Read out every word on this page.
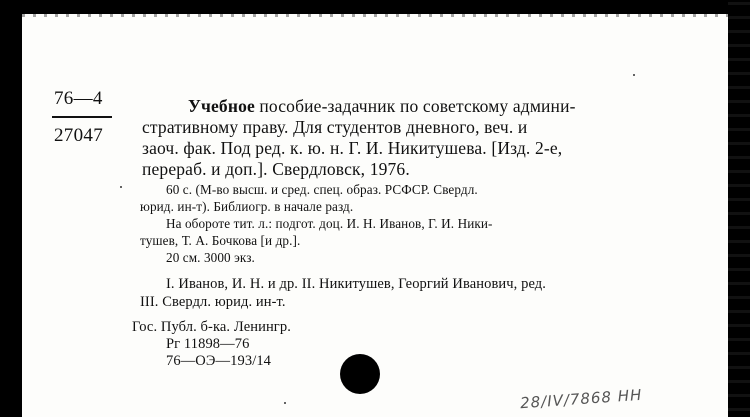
76—4
27047
Учебное пособие-задачник по советскому админи-
стративному праву. Для студентов дневного, веч. и
заоч. фак. Под ред. к. ю. н. Г. И. Никитушева. [Изд. 2-е,
перераб. и доп.]. Свердловск, 1976.
60 с. (М-во высш. и сред. спец. образ. РСФСР. Свердл.
юрид. ин-т). Библиогр. в начале разд.
На обороте тит. л.: подгот. доц. И. Н. Иванов, Г. И. Ники-
тушев, Т. А. Бочкова [и др.].
20 см. 3000 экз.
I. Иванов, И. Н. и др. II. Никитушев, Георгий Иванович, ред.
III. Свердл. юрид. ин-т.
Гос. Публ. б-ка. Ленингр.
Рг 11898—76
76—ОЭ—193/14
28/IV/7868 HH
